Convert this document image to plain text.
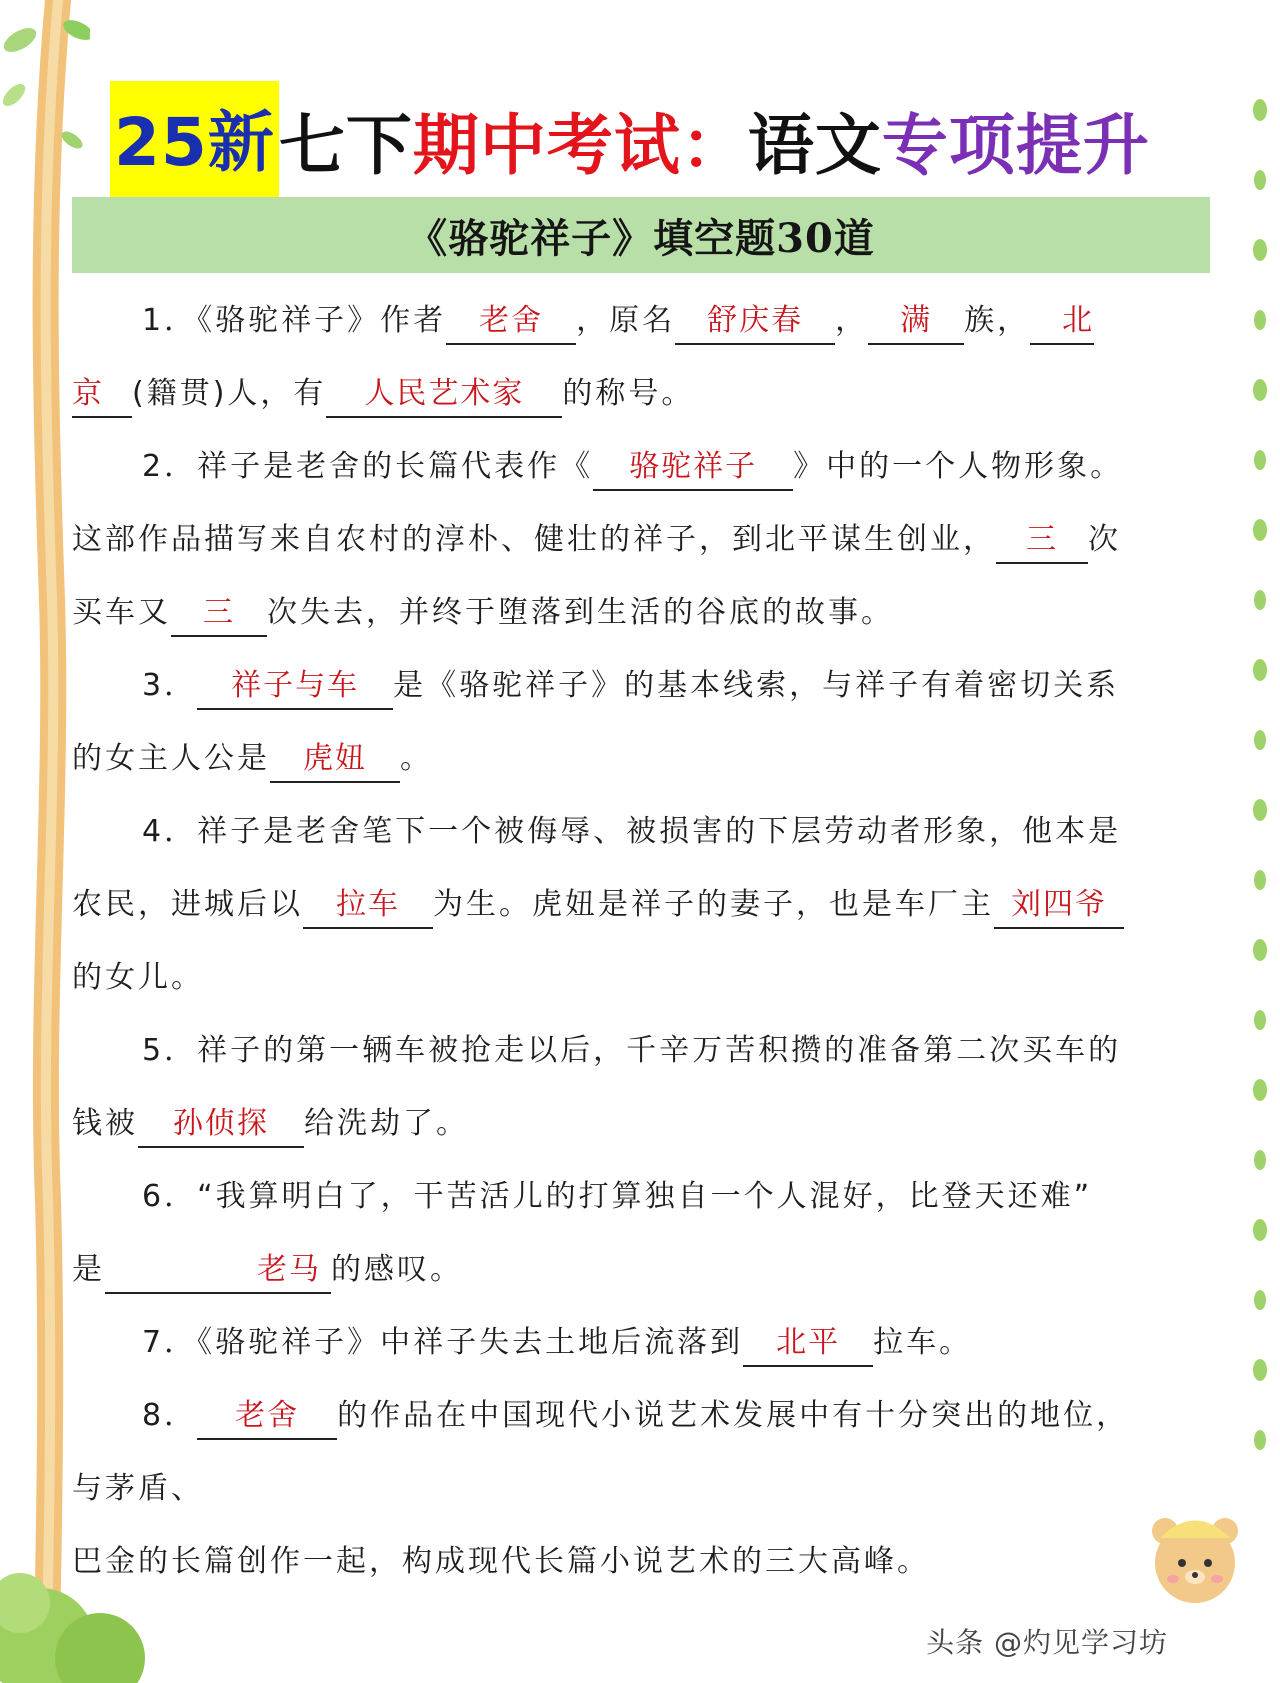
25新 七下 期中考试： 语文 专项提升
《骆驼祥子》填空题30道

1．《骆驼祥子》作者 老舍 ，原名 舒庆春 ， 满 族， 北

京 (籍贯)人，有 人民艺术家 的称号。

2．祥子是老舍的长篇代表作《 骆驼祥子 》中的一个人物形象。

这部作品描写来自农村的淳朴、健壮的祥子，到北平谋生创业， 三 次

买车又 三 次失去，并终于堕落到生活的谷底的故事。

3． 祥子与车 是《骆驼祥子》的基本线索，与祥子有着密切关系

的女主人公是 虎妞 。

4．祥子是老舍笔下一个被侮辱、被损害的下层劳动者形象，他本是

农民，进城后以 拉车 为生。虎妞是祥子的妻子，也是车厂主 刘四爷

的女儿。

5．祥子的第一辆车被抢走以后，千辛万苦积攒的准备第二次买车的

钱被 孙侦探 给洗劫了。

6．“我算明白了，干苦活儿的打算独自一个人混好，比登天还难”

是	老马 的感叹。

7．《骆驼祥子》中祥子失去土地后流落到 北平 拉车。

8． 老舍 的作品在中国现代小说艺术发展中有十分突出的地位，

与茅盾、

巴金的长篇创作一起，构成现代长篇小说艺术的三大高峰。

头条 @灼见学习坊
